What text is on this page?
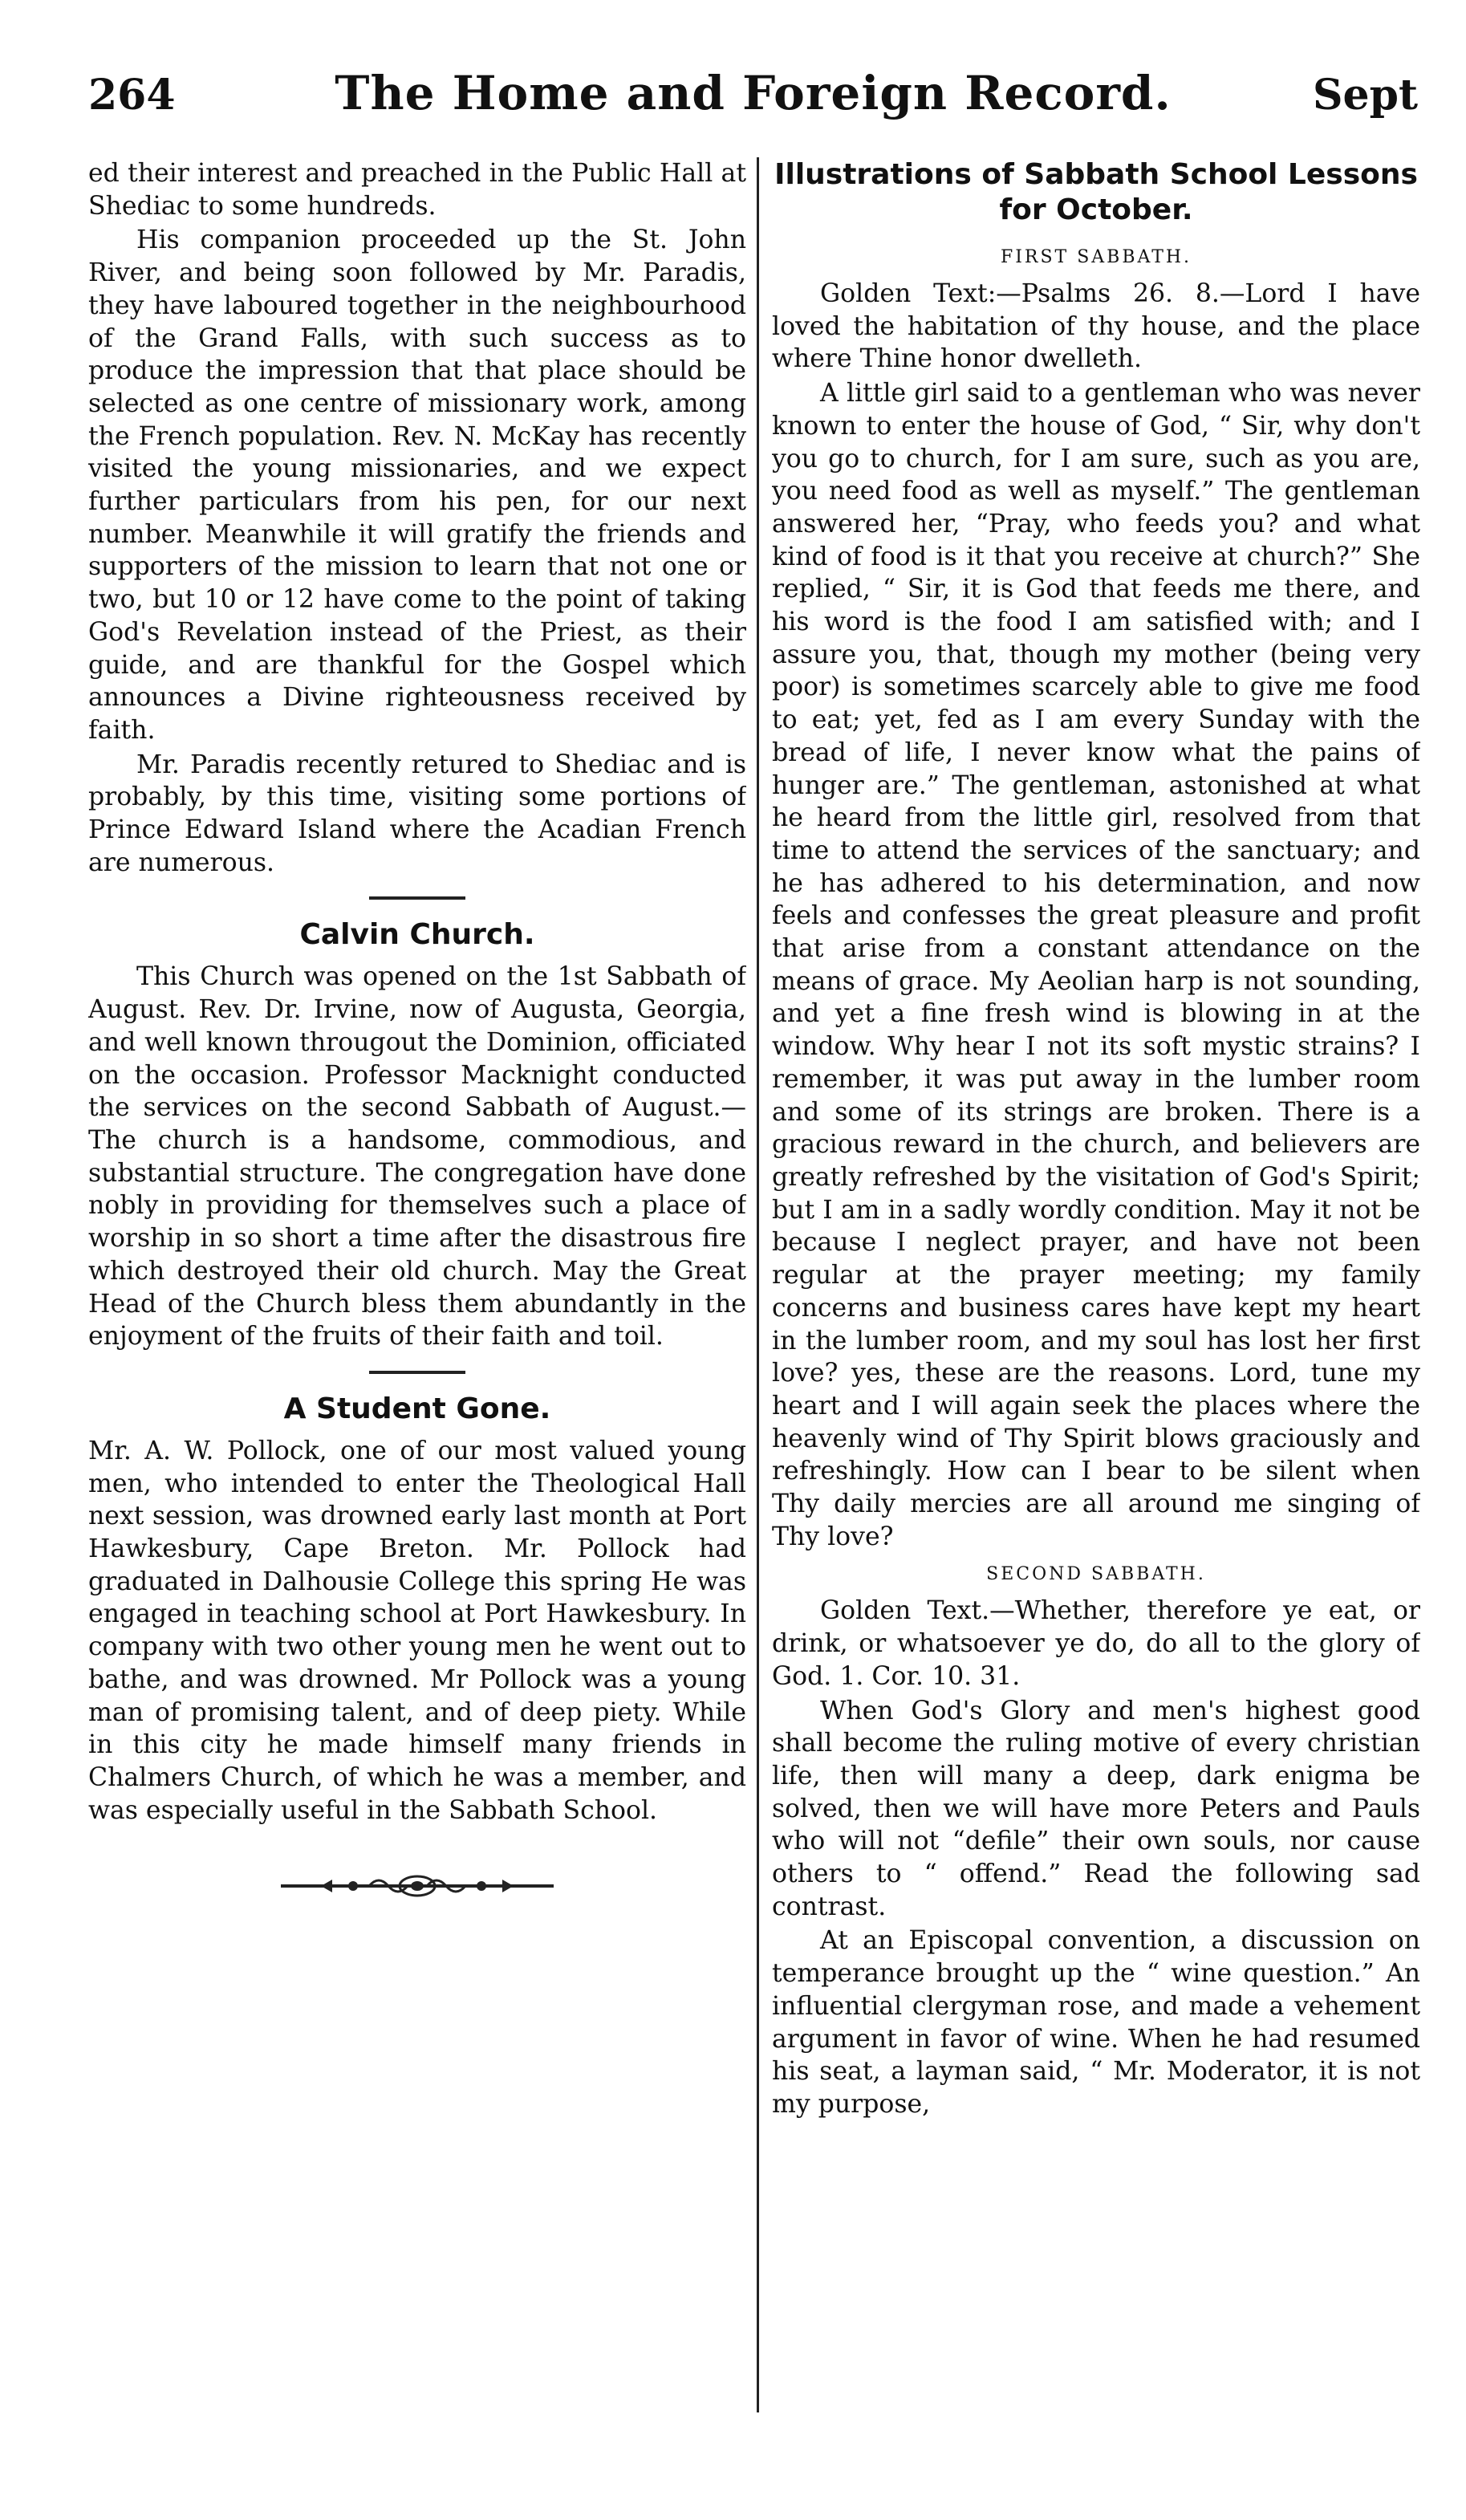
264	The Home and Foreign Record.	Sept

ed their interest and preached in the Public Hall at Shediac to some hundreds.

His companion proceeded up the St. John River, and being soon followed by Mr. Paradis, they have laboured together in the neighbourhood of the Grand Falls, with such success as to produce the impression that that place should be selected as one centre of missionary work, among the French population. Rev. N. McKay has recently visited the young missionaries, and we expect further particulars from his pen, for our next number. Meanwhile it will gratify the friends and supporters of the mission to learn that not one or two, but 10 or 12 have come to the point of taking God's Revelation instead of the Priest, as their guide, and are thankful for the Gospel which announces a Divine righteousness received by faith.

Mr. Paradis recently retured to Shediac and is probably, by this time, visiting some portions of Prince Edward Island where the Acadian French are numerous.

Calvin Church.

This Church was opened on the 1st Sabbath of August. Rev. Dr. Irvine, now of Augusta, Georgia, and well known througout the Dominion, officiated on the occasion. Professor Macknight conducted the services on the second Sabbath of August.—The church is a handsome, commodious, and substantial structure. The congregation have done nobly in providing for themselves such a place of worship in so short a time after the disastrous fire which destroyed their old church. May the Great Head of the Church bless them abundantly in the enjoyment of the fruits of their faith and toil.

A Student Gone.

Mr. A. W. Pollock, one of our most valued young men, who intended to enter the Theological Hall next session, was drowned early last month at Port Hawkesbury, Cape Breton. Mr. Pollock had graduated in Dalhousie College this spring He was engaged in teaching school at Port Hawkesbury. In company with two other young men he went out to bathe, and was drowned. Mr Pollock was a young man of promising talent, and of deep piety. While in this city he made himself many friends in Chalmers Church, of which he was a member, and was especially useful in the Sabbath School.

Illustrations of Sabbath School Lessons for October.
FIRST SABBATH.

Golden Text:—Psalms 26. 8.—Lord I have loved the habitation of thy house, and the place where Thine honor dwelleth.

A little girl said to a gentleman who was never known to enter the house of God, “ Sir, why don't you go to church, for I am sure, such as you are, you need food as well as myself.” The gentleman answered her, “Pray, who feeds you? and what kind of food is it that you receive at church?” She replied, “ Sir, it is God that feeds me there, and his word is the food I am satisfied with; and I assure you, that, though my mother (being very poor) is sometimes scarcely able to give me food to eat; yet, fed as I am every Sunday with the bread of life, I never know what the pains of hunger are.” The gentleman, astonished at what he heard from the little girl, resolved from that time to attend the services of the sanctuary; and he has adhered to his determination, and now feels and confesses the great pleasure and profit that arise from a constant attendance on the means of grace. My Aeolian harp is not sounding, and yet a fine fresh wind is blowing in at the window. Why hear I not its soft mystic strains? I remember, it was put away in the lumber room and some of its strings are broken. There is a gracious reward in the church, and believers are greatly refreshed by the visitation of God's Spirit; but I am in a sadly wordly condition. May it not be because I neglect prayer, and have not been regular at the prayer meeting; my family concerns and business cares have kept my heart in the lumber room, and my soul has lost her first love? yes, these are the reasons. Lord, tune my heart and I will again seek the places where the heavenly wind of Thy Spirit blows graciously and refreshingly. How can I bear to be silent when Thy daily mercies are all around me singing of Thy love?

SECOND SABBATH.

Golden Text.—Whether, therefore ye eat, or drink, or whatsoever ye do, do all to the glory of God. 1. Cor. 10. 31.

When God's Glory and men's highest good shall become the ruling motive of every christian life, then will many a deep, dark enigma be solved, then we will have more Peters and Pauls who will not “defile” their own souls, nor cause others to “ offend.” Read the following sad contrast.

At an Episcopal convention, a discussion on temperance brought up the “ wine question.” An influential clergyman rose, and made a vehement argument in favor of wine. When he had resumed his seat, a layman said, “ Mr. Moderator, it is not my purpose,
